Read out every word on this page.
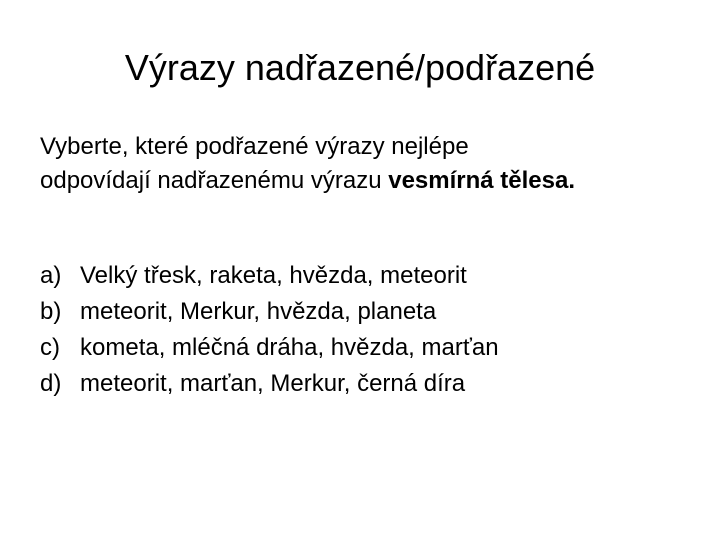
Výrazy nadřazené/podřazené

Vyberte, které podřazené výrazy nejlépe
odpovídají nadřazenému výrazu vesmírná tělesa.

a) Velký třesk, raketa, hvězda, meteorit
b) meteorit, Merkur, hvězda, planeta
c) kometa, mléčná dráha, hvězda, marťan
d) meteorit, marťan, Merkur, černá díra
